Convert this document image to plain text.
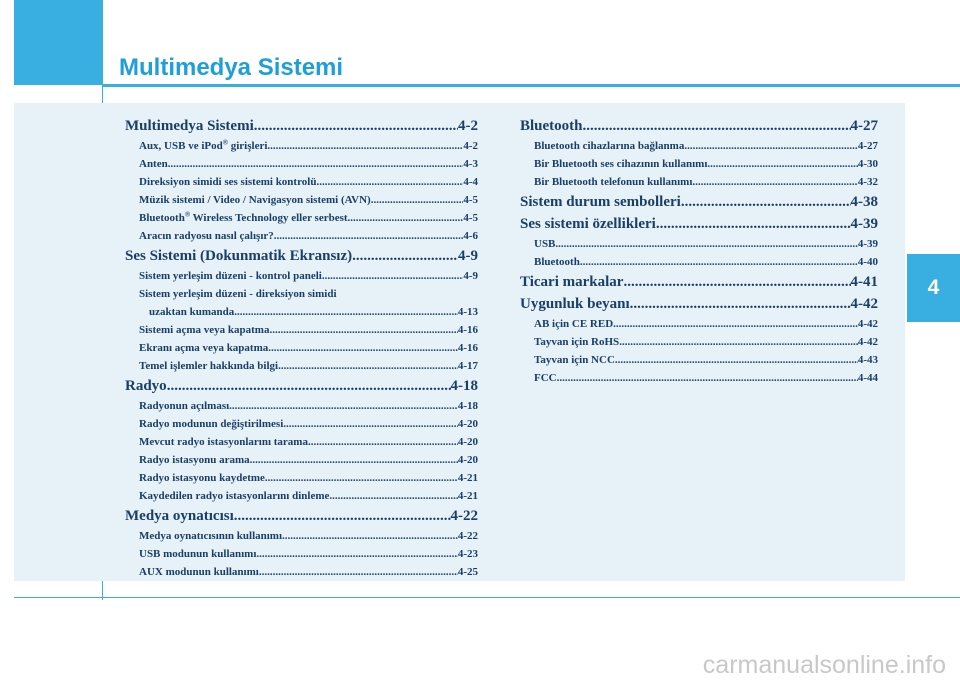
Multimedya Sistemi
4
Multimedya Sistemi .....	4-2
Aux, USB ve iPod® girişleri .....	4-2
Anten .....	4-3
Direksiyon simidi ses sistemi kontrolü .....	4-4
Müzik sistemi / Video / Navigasyon sistemi (AVN) .....	4-5
Bluetooth® Wireless Technology eller serbest .....	4-5
Aracın radyosu nasıl çalışır? .....	4-6
Ses Sistemi (Dokunmatik Ekransız) .....	4-9
Sistem yerleşim düzeni - kontrol paneli .....	4-9
Sistem yerleşim düzeni - direksiyon simidi
uzaktan kumanda .....	4-13
Sistemi açma veya kapatma .....	4-16
Ekranı açma veya kapatma .....	4-16
Temel işlemler hakkında bilgi .....	4-17
Radyo .....	4-18
Radyonun açılması .....	4-18
Radyo modunun değiştirilmesi .....	4-20
Mevcut radyo istasyonlarını tarama .....	4-20
Radyo istasyonu arama .....	4-20
Radyo istasyonu kaydetme .....	4-21
Kaydedilen radyo istasyonlarını dinleme .....	4-21
Medya oynatıcısı .....	4-22
Medya oynatıcısının kullanımı .....	4-22
USB modunun kullanımı .....	4-23
AUX modunun kullanımı .....	4-25
Bluetooth .....	4-27
Bluetooth cihazlarına bağlanma .....	4-27
Bir Bluetooth ses cihazının kullanımı .....	4-30
Bir Bluetooth telefonun kullanımı .....	4-32
Sistem durum sembolleri .....	4-38
Ses sistemi özellikleri .....	4-39
USB .....	4-39
Bluetooth .....	4-40
Ticari markalar .....	4-41
Uygunluk beyanı .....	4-42
AB için CE RED .....	4-42
Tayvan için RoHS .....	4-42
Tayvan için NCC .....	4-43
FCC .....	4-44
carmanualsonline.info
